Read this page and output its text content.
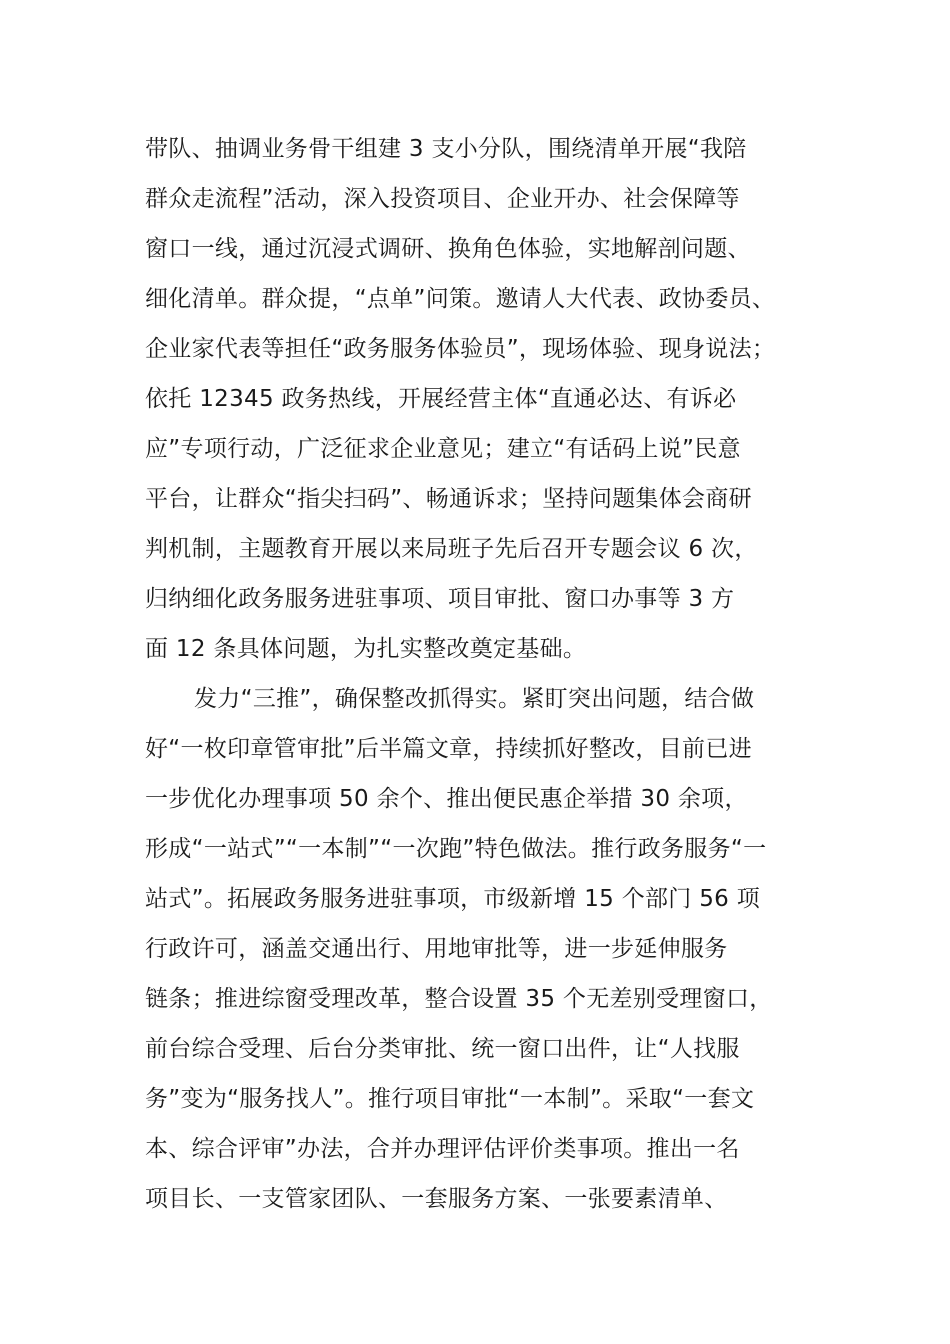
带队、抽调业务骨干组建 3 支小分队，围绕清单开展“我陪
群众走流程”活动，深入投资项目、企业开办、社会保障等
窗口一线，通过沉浸式调研、换角色体验，实地解剖问题、
细化清单。群众提，“点单”问策。邀请人大代表、政协委员、
企业家代表等担任“政务服务体验员”，现场体验、现身说法；
依托 12345 政务热线，开展经营主体“直通必达、有诉必
应”专项行动，广泛征求企业意见；建立“有话码上说”民意
平台，让群众“指尖扫码”、畅通诉求；坚持问题集体会商研
判机制，主题教育开展以来局班子先后召开专题会议 6 次，
归纳细化政务服务进驻事项、项目审批、窗口办事等 3 方
面 12 条具体问题，为扎实整改奠定基础。
发力“三推”，确保整改抓得实。紧盯突出问题，结合做
好“一枚印章管审批”后半篇文章，持续抓好整改，目前已进
一步优化办理事项 50 余个、推出便民惠企举措 30 余项，
形成“一站式”“一本制”“一次跑”特色做法。推行政务服务“一
站式”。拓展政务服务进驻事项，市级新增 15 个部门 56 项
行政许可，涵盖交通出行、用地审批等，进一步延伸服务
链条；推进综窗受理改革，整合设置 35 个无差别受理窗口，
前台综合受理、后台分类审批、统一窗口出件，让“人找服
务”变为“服务找人”。推行项目审批“一本制”。采取“一套文
本、综合评审”办法，合并办理评估评价类事项。推出一名
项目长、一支管家团队、一套服务方案、一张要素清单、
